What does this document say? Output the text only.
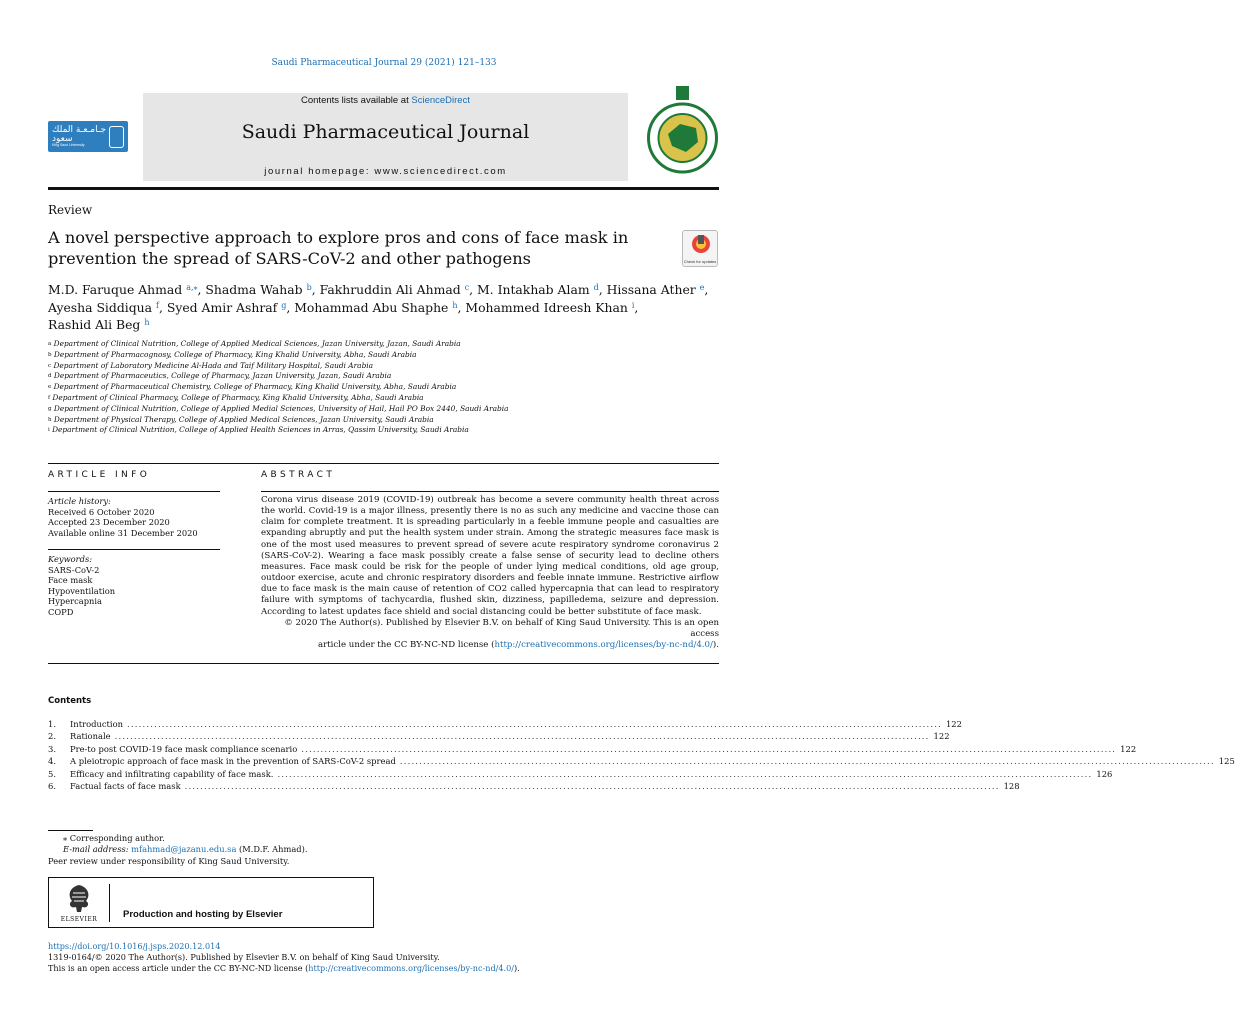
Saudi Pharmaceutical Journal 29 (2021) 121–133
جـامـعـة الملك سعود
King Saud University
Contents lists available at ScienceDirect
Saudi Pharmaceutical Journal
journal homepage: www.sciencedirect.com
Review
A novel perspective approach to explore pros and cons of face mask in
prevention the spread of SARS-CoV-2 and other pathogens	Check for updates
M.D. Faruque Ahmad $^{a,⁎}$, Shadma Wahab $^b$, Fakhruddin Ali Ahmad $^c$, M. Intakhab Alam $^d$, Hissana Ather $^e$,
Ayesha Siddiqua $^f$, Syed Amir Ashraf $^g$, Mohammad Abu Shaphe $^h$, Mohammed Idreesh Khan $^i$,
Rashid Ali Beg $^h$
$^a$ Department of Clinical Nutrition, College of Applied Medical Sciences, Jazan University, Jazan, Saudi Arabia
$^b$ Department of Pharmacognosy, College of Pharmacy, King Khalid University, Abha, Saudi Arabia
$^c$ Department of Laboratory Medicine Al-Hada and Taif Military Hospital, Saudi Arabia
$^d$ Department of Pharmaceutics, College of Pharmacy, Jazan University, Jazan, Saudi Arabia
$^e$ Department of Pharmaceutical Chemistry, College of Pharmacy, King Khalid University, Abha, Saudi Arabia
$^f$ Department of Clinical Pharmacy, College of Pharmacy, King Khalid University, Abha, Saudi Arabia
$^g$ Department of Clinical Nutrition, College of Applied Medial Sciences, University of Hail, Hail PO Box 2440, Saudi Arabia
$^h$ Department of Physical Therapy, College of Applied Medical Sciences, Jazan University, Saudi Arabia
$^i$ Department of Clinical Nutrition, College of Applied Health Sciences in Arras, Qassim University, Saudi Arabia
ARTICLE INFO	ABSTRACT
Article history:
Received 6 October 2020
Accepted 23 December 2020
Available online 31 December 2020
Keywords:
SARS-CoV-2
Face mask
Hypoventilation
Hypercapnia
COPD
Corona virus disease 2019 (COVID-19) outbreak has become a severe community health threat across the world. Covid-19 is a major illness, presently there is no as such any medicine and vaccine those can claim for complete treatment. It is spreading particularly in a feeble immune people and casualties are expanding abruptly and put the health system under strain. Among the strategic measures face mask is one of the most used measures to prevent spread of severe acute respiratory syndrome coronavirus 2 (SARS-CoV-2). Wearing a face mask possibly create a false sense of security lead to decline others measures. Face mask could be risk for the people of under lying medical conditions, old age group, outdoor exercise, acute and chronic respiratory disorders and feeble innate immune. Restrictive airflow due to face mask is the main cause of retention of CO2 called hypercapnia that can lead to respiratory failure with symptoms of tachycardia, flushed skin, dizziness, papilledema, seizure and depression. According to latest updates face shield and social distancing could be better substitute of face mask.
© 2020 The Author(s). Published by Elsevier B.V. on behalf of King Saud University. This is an open access
article under the CC BY-NC-ND license (http://creativecommons.org/licenses/by-nc-nd/4.0/).
Contents
1.	Introduction ................................................................................................................................................................................................................... 122
2.	Rationale ................................................................................................................................................................................................................... 122
3.	Pre-to post COVID-19 face mask compliance scenario ................................................................................................................................................................................................................... 122
4.	A pleiotropic approach of face mask in the prevention of SARS-CoV-2 spread ................................................................................................................................................................................................................... 125
5.	Efficacy and infiltrating capability of face mask. ................................................................................................................................................................................................................... 126
6.	Factual facts of face mask ................................................................................................................................................................................................................... 128
⁎ Corresponding author.
E-mail address: mfahmad@jazanu.edu.sa (M.D.F. Ahmad).
Peer review under responsibility of King Saud University.
ELSEVIER	Production and hosting by Elsevier
https://doi.org/10.1016/j.jsps.2020.12.014
1319-0164/© 2020 The Author(s). Published by Elsevier B.V. on behalf of King Saud University.
This is an open access article under the CC BY-NC-ND license (http://creativecommons.org/licenses/by-nc-nd/4.0/).
